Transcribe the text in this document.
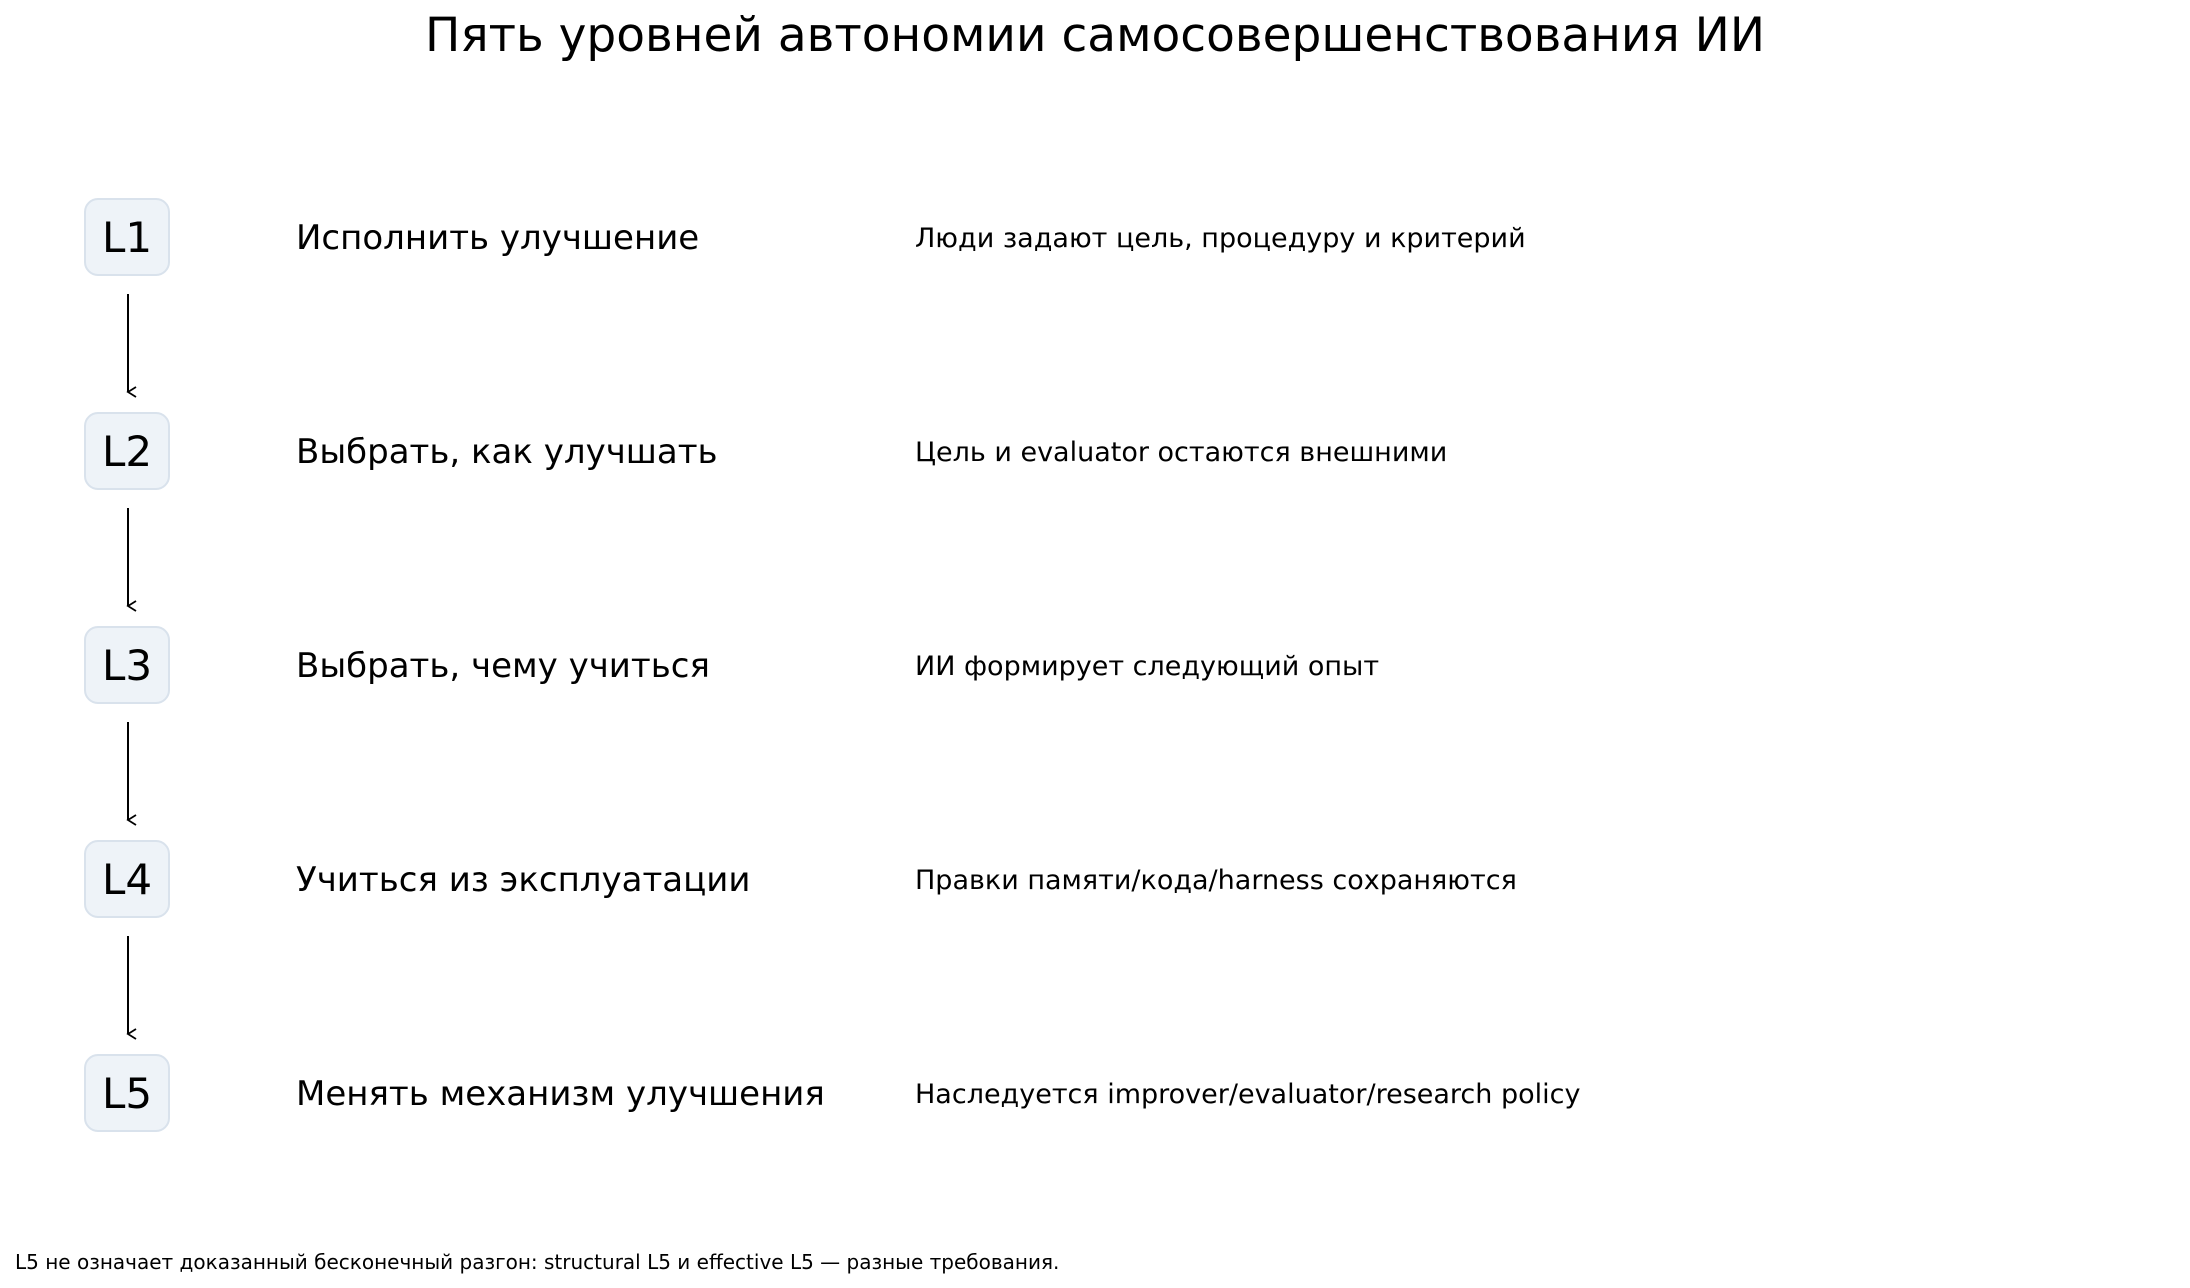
Пять уровней автономии самосовершенствования ИИ
L1	Исполнить улучшение	Люди задают цель, процедуру и критерий
L2	Выбрать, как улучшать	Цель и evaluator остаются внешними
L3	Выбрать, чему учиться	ИИ формирует следующий опыт
L4	Учиться из эксплуатации	Правки памяти/кода/harness сохраняются
L5	Менять механизм улучшения	Наследуется improver/evaluator/research policy
L5 не означает доказанный бесконечный разгон: structural L5 и effective L5 — разные требования.
